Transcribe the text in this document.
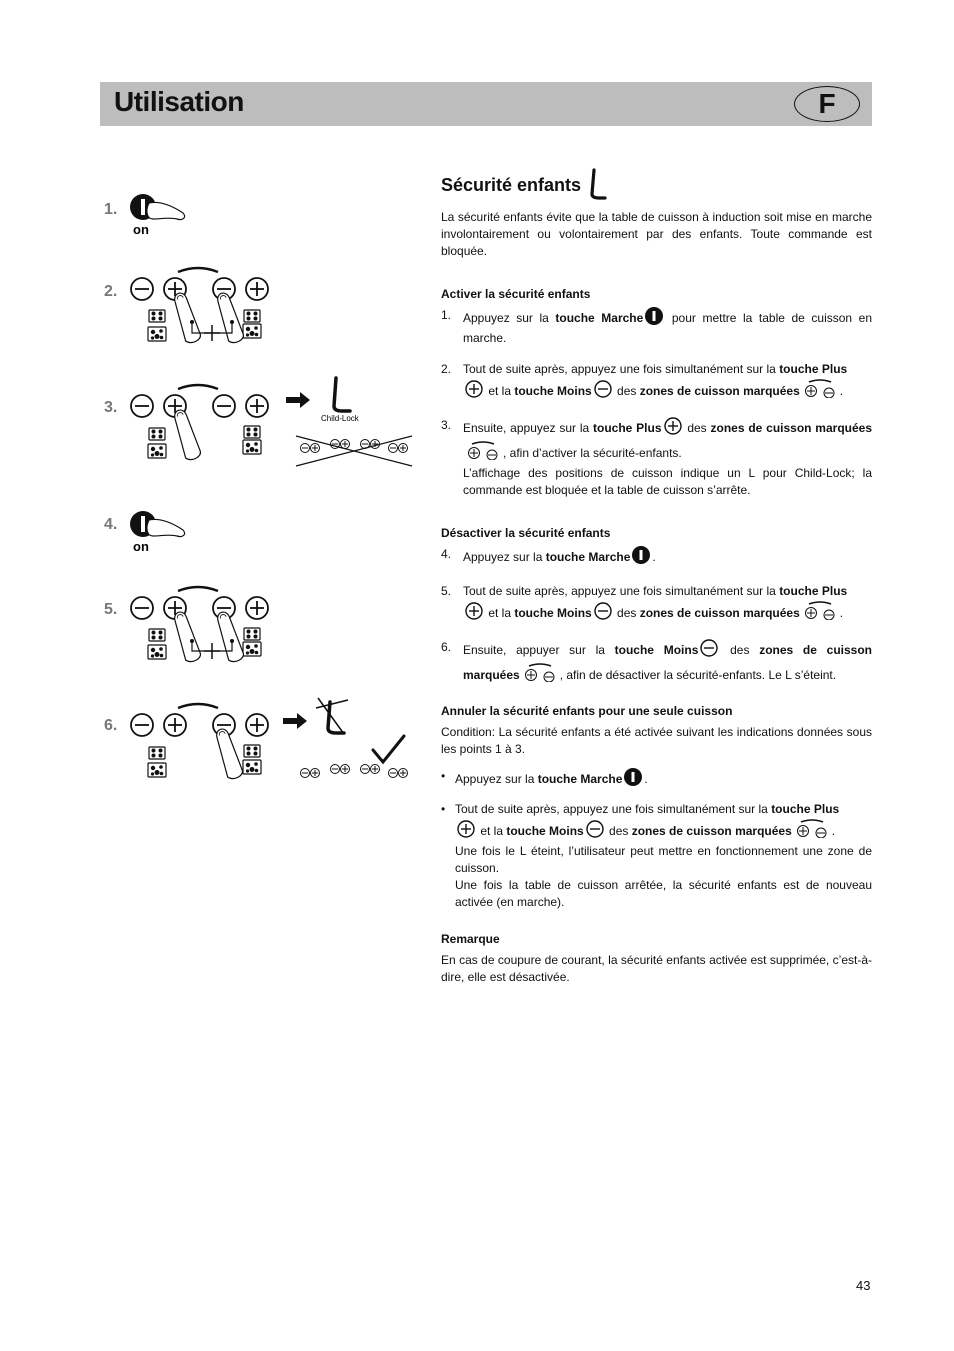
Utilisation	F
1.
on
2.
3.
Child-Lock
4.
on
5.
6.
Sécurité enfants

La sécurité enfants évite que la table de cuisson à induction soit mise en marche involontairement ou volontairement par des enfants. Toute commande est bloquée.

Activer la sécurité enfants
1. Appuyez sur la touche Marche pour mettre la table de cuisson en marche.
2. Tout de suite après, appuyez une fois simultanément sur la touche Plus
et la touche Moins des zones de cuisson marquées	.
3. Ensuite, appuyez sur la touche Plus des zones de cuisson marquées, afin d’activer la sécurité-enfants.
L’affichage des positions de cuisson indique un L pour Child-Lock; la commande est bloquée et la table de cuisson s’arrête.
Désactiver la sécurité enfants
4. Appuyez sur la touche Marche .
5. Tout de suite après, appuyez une fois simultanément sur la touche Plus
et la touche Moins des zones de cuisson marquées	.
6. Ensuite, appuyer sur la touche Moins des zones de cuisson marquées	, afin de désactiver la sécurité-enfants. Le L s’éteint.
Annuler la sécurité enfants pour une seule cuisson

Condition: La sécurité enfants a été activée suivant les indications données sous les points 1 à 3.

• Appuyez sur la touche Marche .
• Tout de suite après, appuyez une fois simultanément sur la touche Plus
et la touche Moins des zones de cuisson marquées	.
Une fois le L éteint, l’utilisateur peut mettre en fonctionnement une zone de cuisson.
Une fois la table de cuisson arrêtée, la sécurité enfants est de nouveau activée (en marche).
Remarque

En cas de coupure de courant, la sécurité enfants activée est supprimée, c’est-à-dire, elle est désactivée.

43
